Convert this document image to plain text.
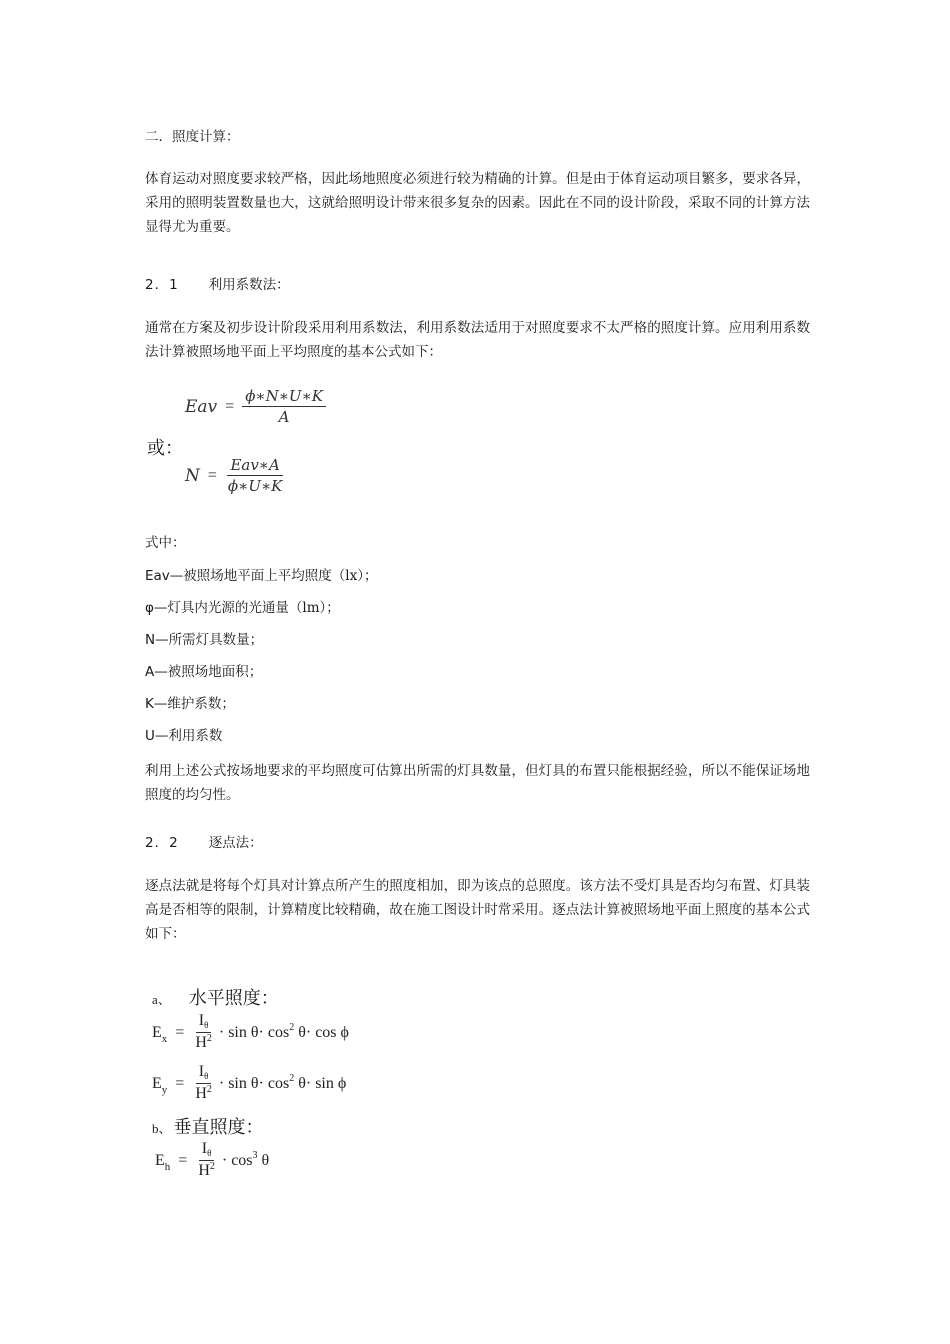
二．照度计算：

体育运动对照度要求较严格，因此场地照度必须进行较为精确的计算。但是由于体育运动项目繁多，要求各异，采用的照明装置数量也大，这就给照明设计带来很多复杂的因素。因此在不同的设计阶段，采取不同的计算方法显得尤为重要。

2．1 利用系数法：

通常在方案及初步设计阶段采用利用系数法，利用系数法适用于对照度要求不太严格的照度计算。应用利用系数法计算被照场地平面上平均照度的基本公式如下：

Eav = $\frac{\phi∗N∗U∗K}{A}$
或：
$N = \frac{\text{Eav∗A}}{\phi∗U∗K}$

式中：

Eav—被照场地平面上平均照度（lx）；

φ—灯具内光源的光通量（lm）；

N—所需灯具数量；

A—被照场地面积；

K—维护系数；

U—利用系数

利用上述公式按场地要求的平均照度可估算出所需的灯具数量，但灯具的布置只能根据经验，所以不能保证场地照度的均匀性。

2．2 逐点法：

逐点法就是将每个灯具对计算点所产生的照度相加，即为该点的总照度。该方法不受灯具是否均匀布置、灯具装高是否相等的限制，计算精度比较精确，故在施工图设计时常采用。逐点法计算被照场地平面上照度的基本公式如下：

a、 水平照度：
$E_x = \frac{I\theta}{H^2} \cdot \sin \theta\cdot \cos^2 \theta\cdot \cos \phi$
$E_y = \frac{I\theta}{H^2} \cdot \sin \theta\cdot \cos^2 \theta\cdot \sin \phi$
b、 垂直照度：
$E_h = \frac{I\theta}{H^2} \cdot \cos^3 \theta$
